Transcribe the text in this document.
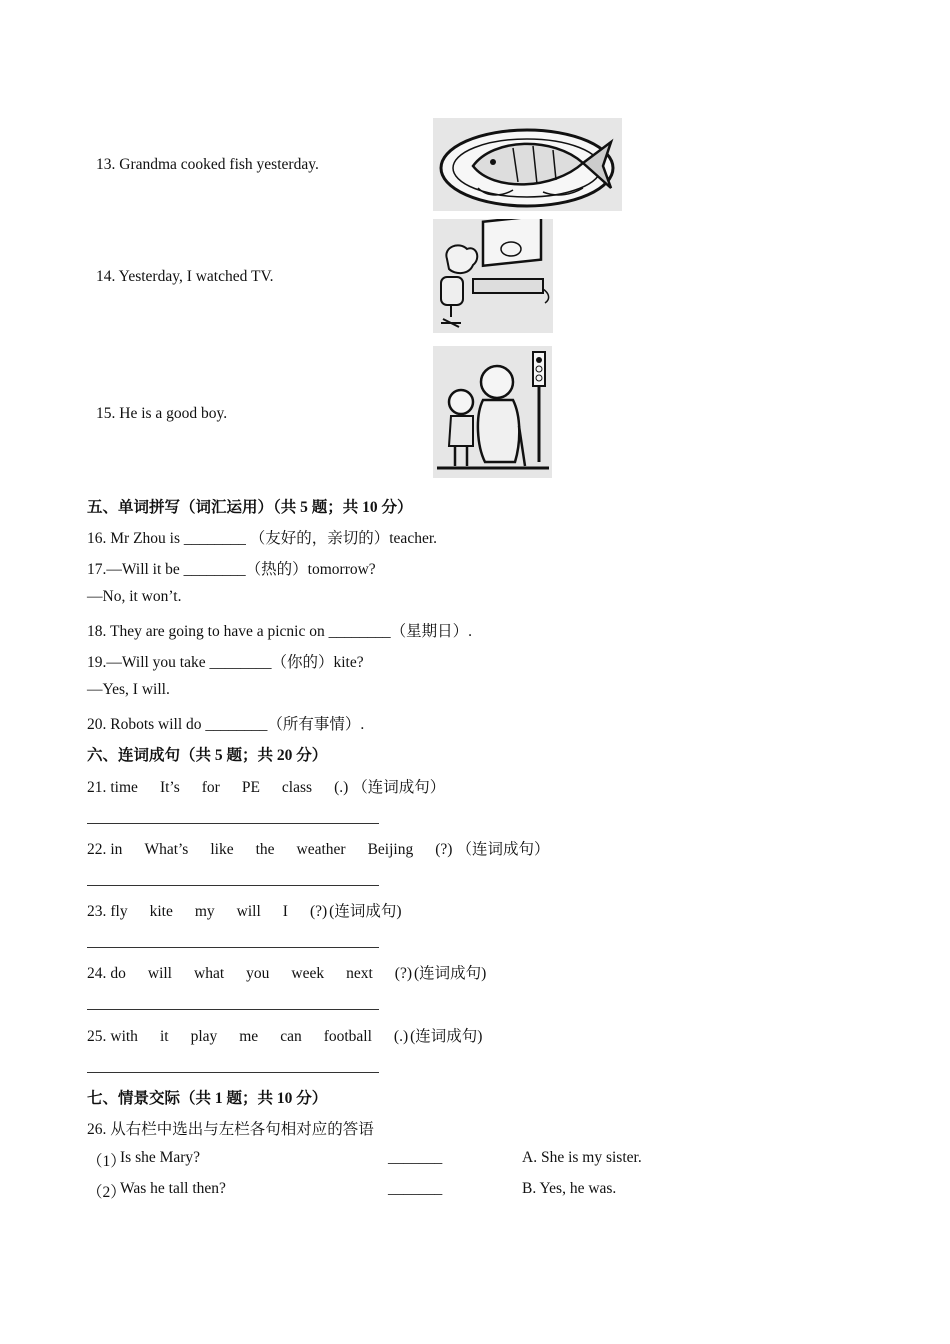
13. Grandma cooked fish yesterday.
14. Yesterday, I watched TV.
15. He is a good boy.
五、单词拼写（词汇运用）（共 5 题；共 10 分）
16. Mr Zhou is ________ （友好的，亲切的）teacher.
17.—Will it be ________（热的）tomorrow?
—No, it won’t.
18. They are going to have a picnic on ________（星期日）.
19.—Will you take ________（你的）kite?
—Yes, I will.
20. Robots will do ________（所有事情）.
六、连词成句（共 5 题；共 20 分）
21. time It’s for PE class (.) （连词成句）
22. in What’s like the weather Beijing (?) （连词成句）
23. fly kite my will I (?) (连词成句)
24. do will what you week next (?) (连词成句)
25. with it play me can football (.) (连词成句)
七、情景交际（共 1 题；共 10 分）
26. 从右栏中选出与左栏各句相对应的答语
（1）
Is she Mary?	_______	A. She is my sister.
（2）
Was he tall then?	_______	B. Yes, he was.
